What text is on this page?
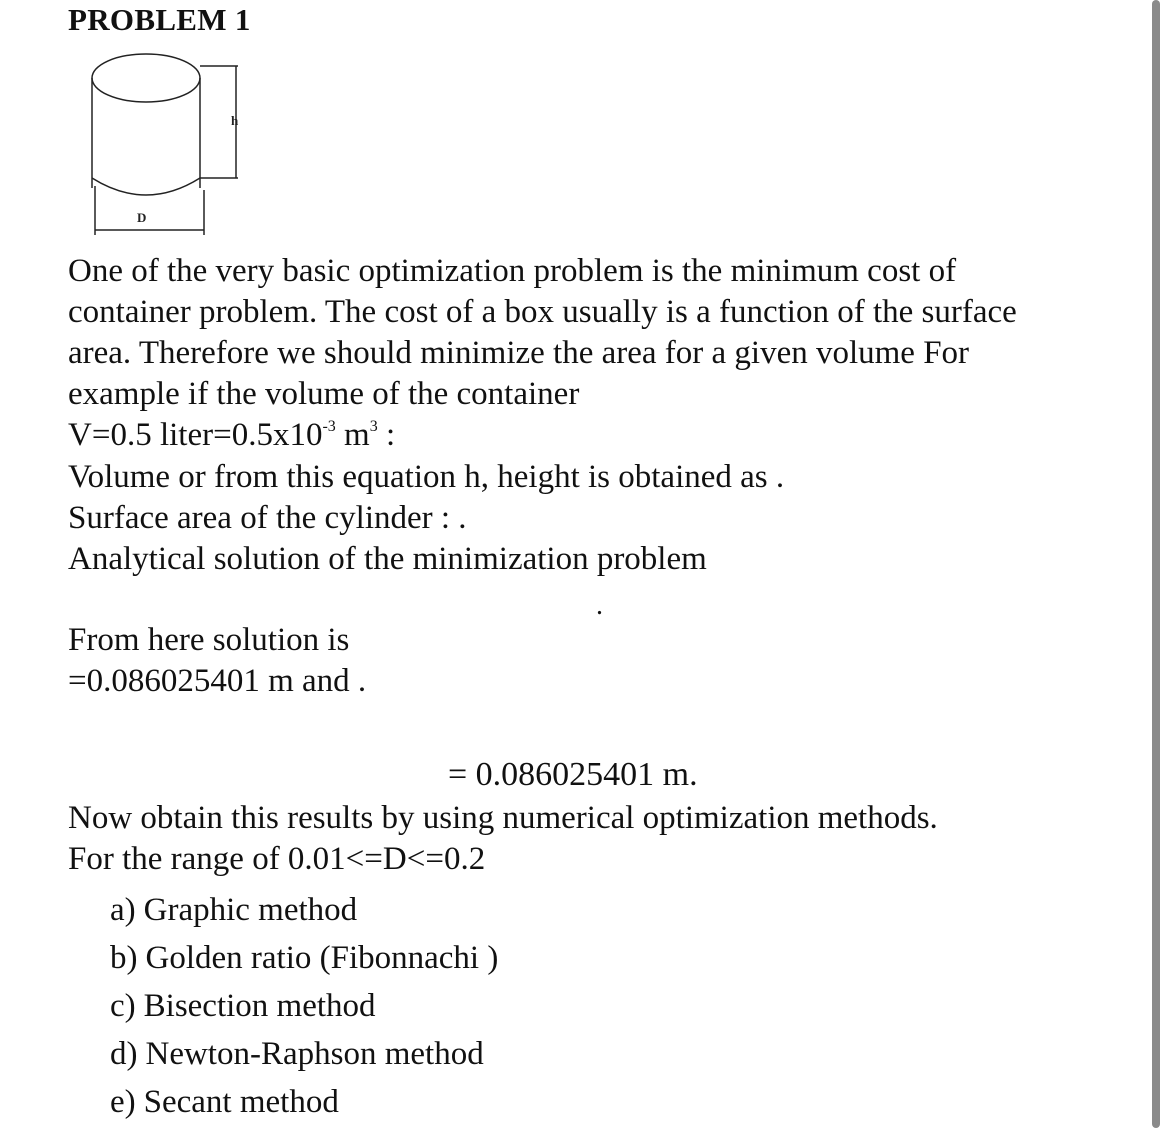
PROBLEM 1
h
D
One of the very basic optimization problem is the minimum cost of
container problem. The cost of a box usually is a function of the surface
area. Therefore we should minimize the area for a given volume For
example if the volume of the container
V=0.5 $liter=0.5x10^{-3}$ $m^3$ :
Volume or from this equation h, height is obtained as .
Surface area of the cylinder : .
Analytical solution of the minimization problem
.
From here solution is
=0.086025401 m and .
= 0.086025401 m.
Now obtain this results by using numerical optimization methods.
For the range of 0.01<=D<=0.2
a) Graphic method
b) Golden ratio (Fibonnachi )
c) Bisection method
d) Newton-Raphson method
e) Secant method
